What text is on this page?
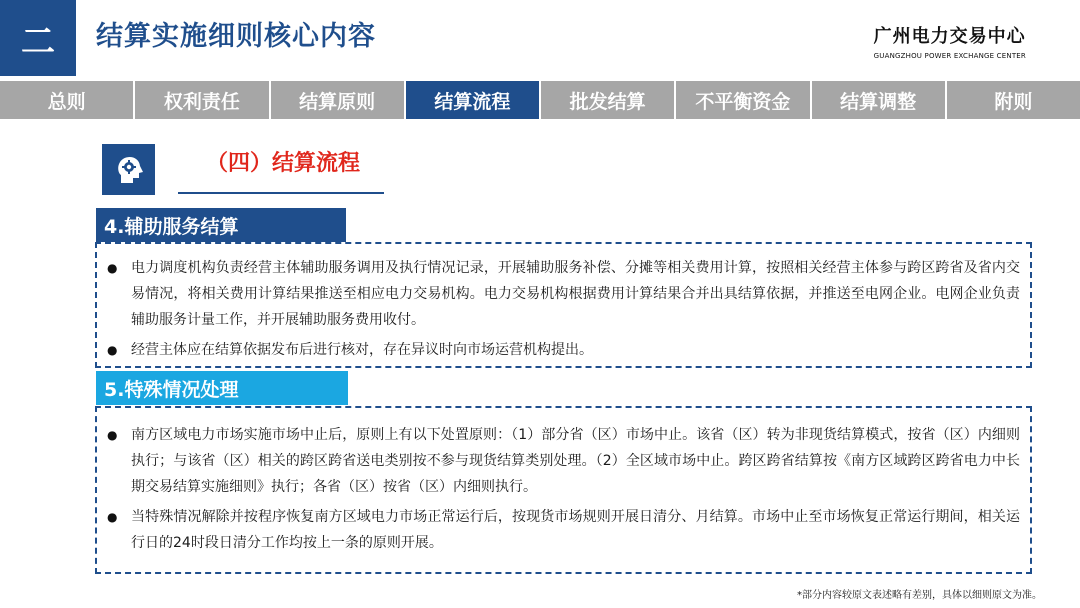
二	结算实施细则核心内容	广州电力交易中心
GUANGZHOU POWER EXCHANGE CENTER
总则	权利责任	结算原则	结算流程	批发结算	不平衡资金	结算调整	附则
（四）结算流程
4.辅助服务结算
● 电力调度机构负责经营主体辅助服务调用及执行情况记录，开展辅助服务补偿、分摊等相关费用计算，按照相关经营主体参与跨区跨省及省内交易情况，将相关费用计算结果推送至相应电力交易机构。电力交易机构根据费用计算结果合并出具结算依据，并推送至电网企业。电网企业负责辅助服务计量工作，并开展辅助服务费用收付。
● 经营主体应在结算依据发布后进行核对，存在异议时向市场运营机构提出。
5.特殊情况处理
● 南方区域电力市场实施市场中止后，原则上有以下处置原则：（1）部分省（区）市场中止。该省（区）转为非现货结算模式，按省（区）内细则执行；与该省（区）相关的跨区跨省送电类别按不参与现货结算类别处理。（2）全区域市场中止。跨区跨省结算按《南方区域跨区跨省电力中长期交易结算实施细则》执行；各省（区）按省（区）内细则执行。
● 当特殊情况解除并按程序恢复南方区域电力市场正常运行后，按现货市场规则开展日清分、月结算。市场中止至市场恢复正常运行期间，相关运行日的24时段日清分工作均按上一条的原则开展。
*部分内容较原文表述略有差别，具体以细则原文为准。
